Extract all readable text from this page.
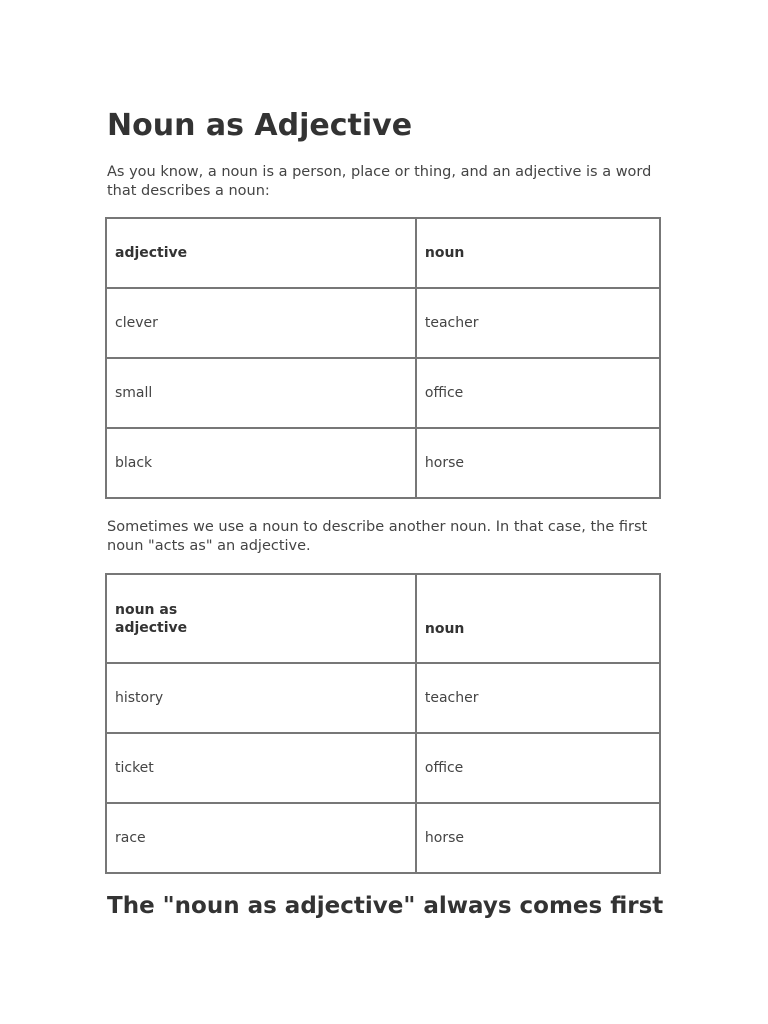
Noun as Adjective

As you know, a noun is a person, place or thing, and an adjective is a word that describes a noun:

adjective	noun
clever	teacher
small	office
black	horse

Sometimes we use a noun to describe another noun. In that case, the first noun "acts as" an adjective.

noun as
adjective	noun
history	teacher
ticket	office
race	horse
The "noun as adjective" always comes first
